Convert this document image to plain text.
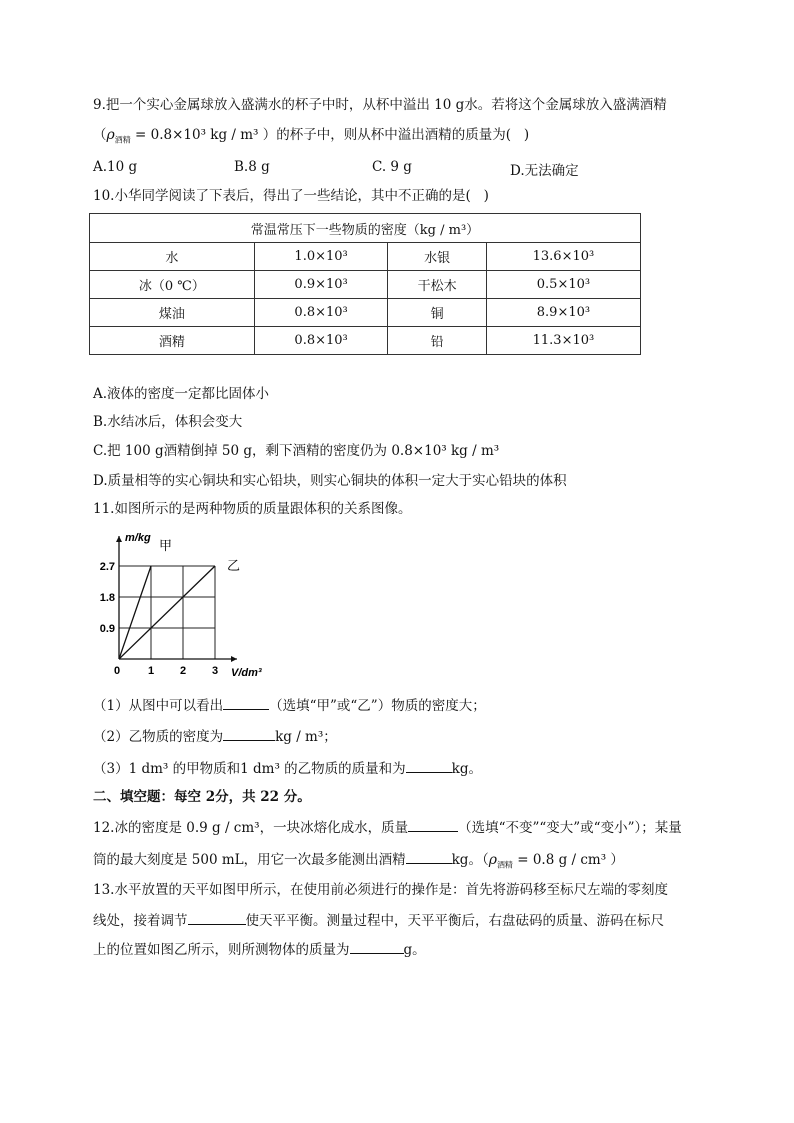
9.把一个实心金属球放入盛满水的杯子中时，从杯中溢出 10 g水。若将这个金属球放入盛满酒精
（$\rho_{酒精} = 0.8\times 10^3$ kg / m³ ）的杯子中，则从杯中溢出酒精的质量为(   )
A.10 g	B.8 g	C. 9 g	D.无法确定
10.小华同学阅读了下表后，得出了一些结论，其中不正确的是(   )
常温常压下一些物质的密度（kg / m³）			
水	1.0×10³	水银	13.6×10³
冰（0 ℃）	0.9×10³	干松木	0.5×10³
煤油	0.8×10³	铜	8.9×10³
酒精	0.8×10³	铅	11.3×10³
A.液体的密度一定都比固体小
B.水结冰后，体积会变大
C.把 100 g酒精倒掉 50 g，剩下酒精的密度仍为 0.8×10³ kg / m³
D.质量相等的实心铜块和实心铅块，则实心铜块的体积一定大于实心铅块的体积
11.如图所示的是两种物质的质量跟体积的关系图像。
甲
乙
0.9
1.8
2.7
0	1 2 3
m/kg
V/dm³
（1）从图中可以看出	（选填“甲”或“乙”）物质的密度大；
（2）乙物质的密度为	kg / m³；
（3）1 dm³ 的甲物质和1 dm³ 的乙物质的质量和为	kg。
二、填空题：每空 2分，共 22 分。
12.冰的密度是 0.9 g / cm³，一块冰熔化成水，质量	（选填“不变”“变大”或“变小”）；某量
筒的最大刻度是 500 mL，用它一次最多能测出酒精	kg。（$\rho_{酒精} = 0.8$ g / cm³ ）
13.水平放置的天平如图甲所示，在使用前必须进行的操作是：首先将游码移至标尺左端的零刻度
线处，接着调节	使天平平衡。测量过程中，天平平衡后，右盘砝码的质量、游码在标尺
上的位置如图乙所示，则所测物体的质量为	g。
